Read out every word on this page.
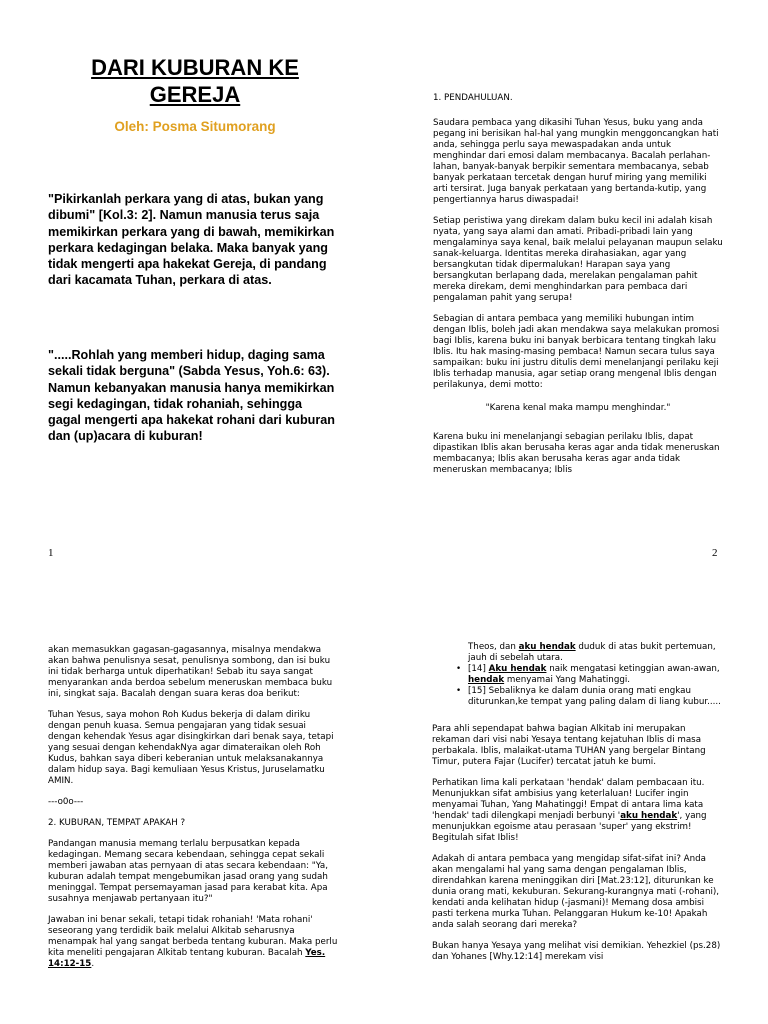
DARI KUBURAN KE
GEREJA
Oleh: Posma Situmorang

"Pikirkanlah perkara yang di atas, bukan yang dibumi" [Kol.3: 2]. Namun manusia terus saja memikirkan perkara yang di bawah, memikirkan perkara kedagingan belaka. Maka banyak yang tidak mengerti apa hakekat Gereja, di pandang dari kacamata Tuhan, perkara di atas.

".....Rohlah yang memberi hidup, daging sama sekali tidak berguna" (Sabda Yesus, Yoh.6: 63). Namun kebanyakan manusia hanya memikirkan segi kedagingan, tidak rohaniah, sehingga gagal mengerti apa hakekat rohani dari kuburan dan (up)acara di kuburan!

1

1. PENDAHULUAN.

Saudara pembaca yang dikasihi Tuhan Yesus, buku yang anda pegang ini berisikan hal-hal yang mungkin menggoncangkan hati anda, sehingga perlu saya mewaspadakan anda untuk menghindar dari emosi dalam membacanya. Bacalah perlahan-lahan, banyak-banyak berpikir sementara membacanya, sebab banyak perkataan tercetak dengan huruf miring yang memiliki arti tersirat. Juga banyak perkataan yang bertanda-kutip, yang pengertiannya harus diwaspadai!

Setiap peristiwa yang direkam dalam buku kecil ini adalah kisah nyata, yang saya alami dan amati. Pribadi-pribadi lain yang mengalaminya saya kenal, baik melalui pelayanan maupun selaku sanak-keluarga. Identitas mereka dirahasiakan, agar yang bersangkutan tidak dipermalukan! Harapan saya yang bersangkutan berlapang dada, merelakan pengalaman pahit mereka direkam, demi menghindarkan para pembaca dari pengalaman pahit yang serupa!

Sebagian di antara pembaca yang memiliki hubungan intim dengan Iblis, boleh jadi akan mendakwa saya melakukan promosi bagi Iblis, karena buku ini banyak berbicara tentang tingkah laku Iblis. Itu hak masing-masing pembaca! Namun secara tulus saya sampaikan: buku ini justru ditulis demi menelanjangi perilaku keji Iblis terhadap manusia, agar setiap orang mengenal Iblis dengan perilakunya, demi motto:

"Karena kenal maka mampu menghindar."

Karena buku ini menelanjangi sebagian perilaku Iblis, dapat dipastikan Iblis akan berusaha keras agar anda tidak meneruskan membacanya; Iblis akan berusaha keras agar anda tidak meneruskan membacanya; Iblis

2

akan memasukkan gagasan-gagasannya, misalnya mendakwa akan bahwa penulisnya sesat, penulisnya sombong, dan isi buku ini tidak berharga untuk diperhatikan! Sebab itu saya sangat menyarankan anda berdoa sebelum meneruskan membaca buku ini, singkat saja. Bacalah dengan suara keras doa berikut:

Tuhan Yesus, saya mohon Roh Kudus bekerja di dalam diriku dengan penuh kuasa. Semua pengajaran yang tidak sesuai dengan kehendak Yesus agar disingkirkan dari benak saya, tetapi yang sesuai dengan kehendakNya agar dimateraikan oleh Roh Kudus, bahkan saya diberi keberanian untuk melaksanakannya dalam hidup saya. Bagi kemuliaan Yesus Kristus, Juruselamatku AMIN.

---o0o---

2. KUBURAN, TEMPAT APAKAH ?

Pandangan manusia memang terlalu berpusatkan kepada kedagingan. Memang secara kebendaan, sehingga cepat sekali memberi jawaban atas pernyaan di atas secara kebendaan: "Ya, kuburan adalah tempat mengebumikan jasad orang yang sudah meninggal. Tempat persemayaman jasad para kerabat kita. Apa susahnya menjawab pertanyaan itu?"

Jawaban ini benar sekali, tetapi tidak rohaniah! 'Mata rohani' seseorang yang terdidik baik melalui Alkitab seharusnya menampak hal yang sangat berbeda tentang kuburan. Maka perlu kita meneliti pengajaran Alkitab tentang kuburan. Bacalah Yes. 14:12-15.

Theos, dan aku hendak duduk di atas bukit pertemuan, jauh di sebelah utara.
• [14] Aku hendak naik mengatasi ketinggian awan-awan, hendak menyamai Yang Mahatinggi.
• [15] Sebaliknya ke dalam dunia orang mati engkau diturunkan,ke tempat yang paling dalam di liang kubur.....

Para ahli sependapat bahwa bagian Alkitab ini merupakan rekaman dari visi nabi Yesaya tentang kejatuhan Iblis di masa perbakala. Iblis, malaikat-utama TUHAN yang bergelar Bintang Timur, putera Fajar (Lucifer) tercatat jatuh ke bumi.

Perhatikan lima kali perkataan 'hendak' dalam pembacaan itu. Menunjukkan sifat ambisius yang keterlaluan! Lucifer ingin menyamai Tuhan, Yang Mahatinggi! Empat di antara lima kata 'hendak' tadi dilengkapi menjadi berbunyi 'aku hendak', yang menunjukkan egoisme atau perasaan 'super' yang ekstrim! Begitulah sifat Iblis!

Adakah di antara pembaca yang mengidap sifat-sifat ini? Anda akan mengalami hal yang sama dengan pengalaman Iblis, direndahkan karena meninggikan diri [Mat.23:12], diturunkan ke dunia orang mati, kekuburan. Sekurang-kurangnya mati (-rohani), kendati anda kelihatan hidup (-jasmani)! Memang dosa ambisi pasti terkena murka Tuhan. Pelanggaran Hukum ke-10! Apakah anda salah seorang dari mereka?

Bukan hanya Yesaya yang melihat visi demikian. Yehezkiel (ps.28) dan Yohanes [Why.12:14] merekam visi
